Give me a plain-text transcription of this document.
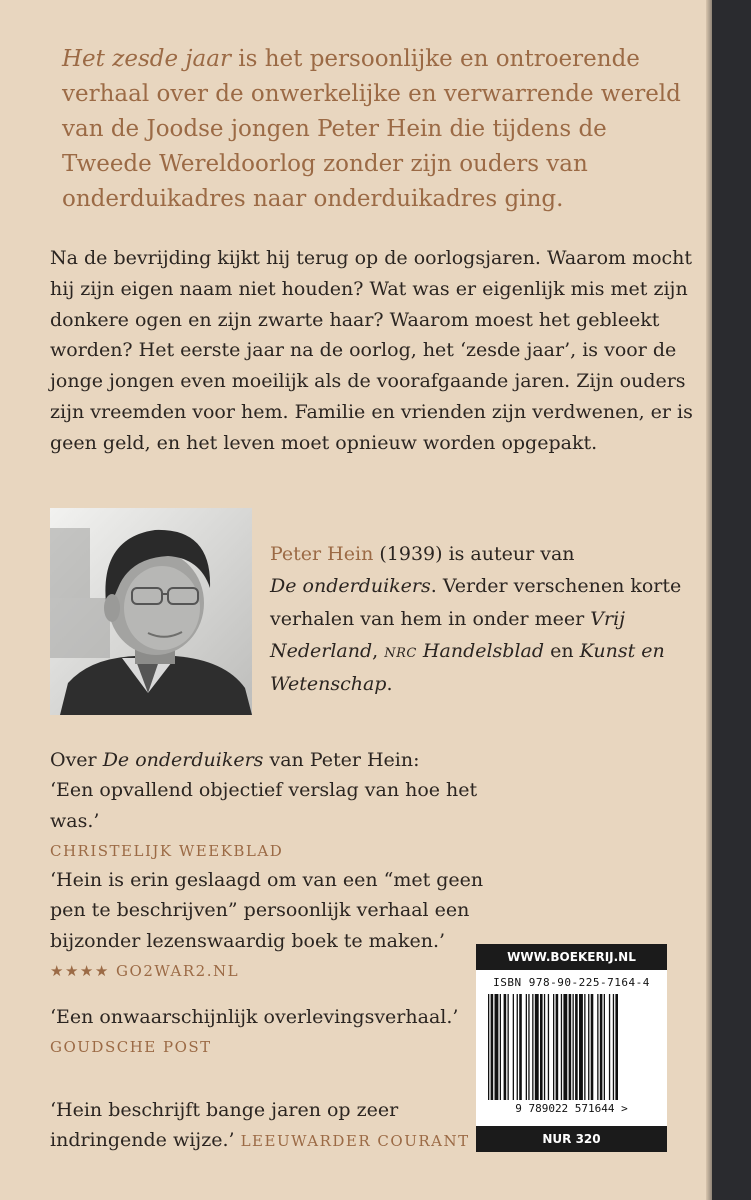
Het zesde jaar is het persoonlijke en ontroerende verhaal over de onwerkelijke en verwarrende wereld van de Joodse jongen Peter Hein die tijdens de Tweede Wereldoorlog zonder zijn ouders van onderduikadres naar onderduikadres ging.

Na de bevrijding kijkt hij terug op de oorlogsjaren. Waarom mocht hij zijn eigen naam niet houden? Wat was er eigenlijk mis met zijn donkere ogen en zijn zwarte haar? Waarom moest het gebleekt worden? Het eerste jaar na de oorlog, het ‘zesde jaar’, is voor de jonge jongen even moeilijk als de voorafgaande jaren. Zijn ouders zijn vreemden voor hem. Familie en vrienden zijn verdwenen, er is geen geld, en het leven moet opnieuw worden opgepakt.

Peter Hein (1939) is auteur van
De onderduikers. Verder verschenen korte verhalen van hem in onder meer Vrij Nederland, nrc Handelsblad en Kunst en Wetenschap.

Over De onderduikers van Peter Hein:

‘Een opvallend objectief verslag van hoe het was.’

CHRISTELIJK WEEKBLAD

‘Hein is erin geslaagd om van een “met geen pen te beschrijven” persoonlijk verhaal een bijzonder lezenswaardig boek te maken.’

★★★★ GO2WAR2.NL

‘Een onwaarschijnlijk overlevingsverhaal.’

GOUDSCHE POST

‘Hein beschrijft bange jaren op zeer indringende wijze.’ LEEUWARDER COURANT

WWW.BOEKERIJ.NL
ISBN 978-90-225-7164-4
9 789022 571644 >
NUR 320
